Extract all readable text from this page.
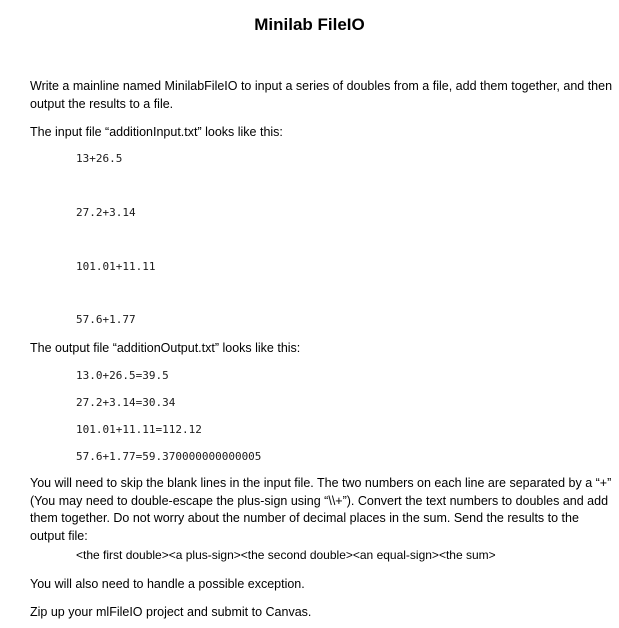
Minilab FileIO
Write a mainline named MinilabFileIO to input a series of doubles from a file, add them together, and then output the results to a file.
The input file “additionInput.txt” looks like this:
13+26.5
27.2+3.14
101.01+11.11
57.6+1.77
The output file “additionOutput.txt” looks like this:
13.0+26.5=39.5
27.2+3.14=30.34
101.01+11.11=112.12
57.6+1.77=59.370000000000005
You will need to skip the blank lines in the input file. The two numbers on each line are separated by a “+” (You may need to double-escape the plus-sign using “\\+”). Convert the text numbers to doubles and add them together. Do not worry about the number of decimal places in the sum. Send the results to the output file:
<the first double><a plus-sign><the second double><an equal-sign><the sum>
You will also need to handle a possible exception.
Zip up your mlFileIO project and submit to Canvas.
